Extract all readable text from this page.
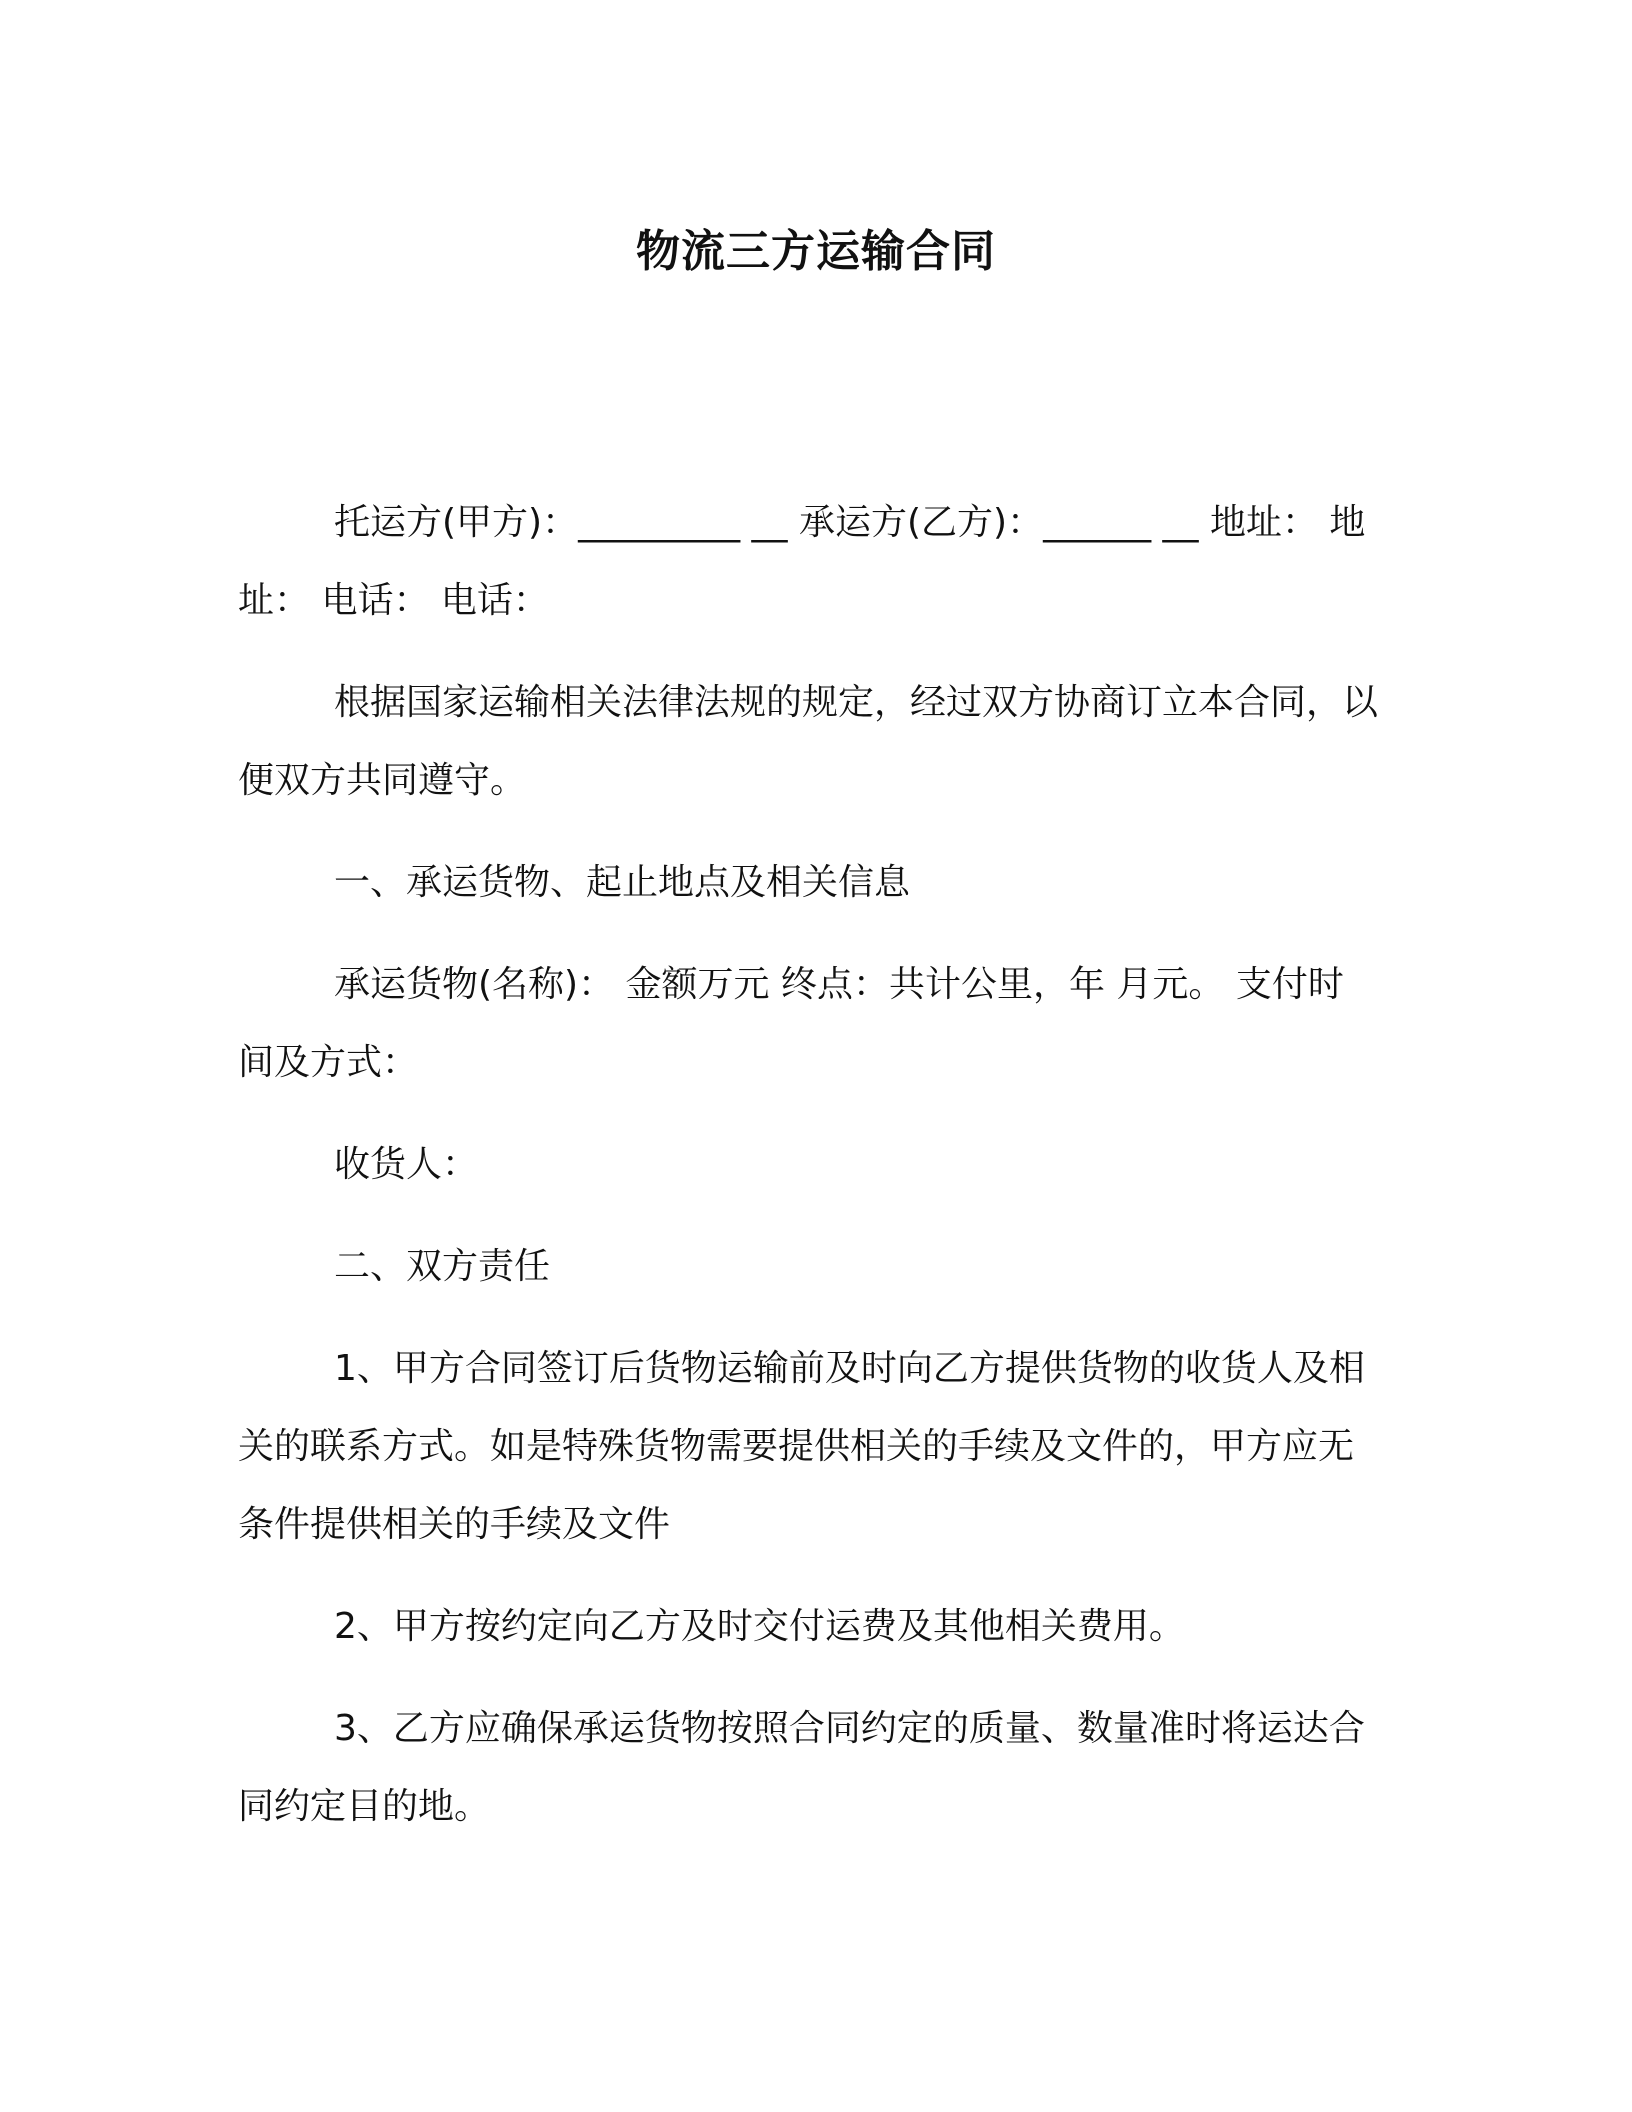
物流三方运输合同

托运方(甲方)：_________ __ 承运方(乙方)：______ __ 地址： 地址： 电话： 电话：

根据国家运输相关法律法规的规定，经过双方协商订立本合同，以便双方共同遵守。

一、承运货物、起止地点及相关信息

承运货物(名称)： 金额万元 终点：共计公里，年 月元。 支付时间及方式：

收货人：

二、双方责任

1、甲方合同签订后货物运输前及时向乙方提供货物的收货人及相关的联系方式。如是特殊货物需要提供相关的手续及文件的，甲方应无条件提供相关的手续及文件

2、甲方按约定向乙方及时交付运费及其他相关费用。

3、乙方应确保承运货物按照合同约定的质量、数量准时将运达合同约定目的地。
